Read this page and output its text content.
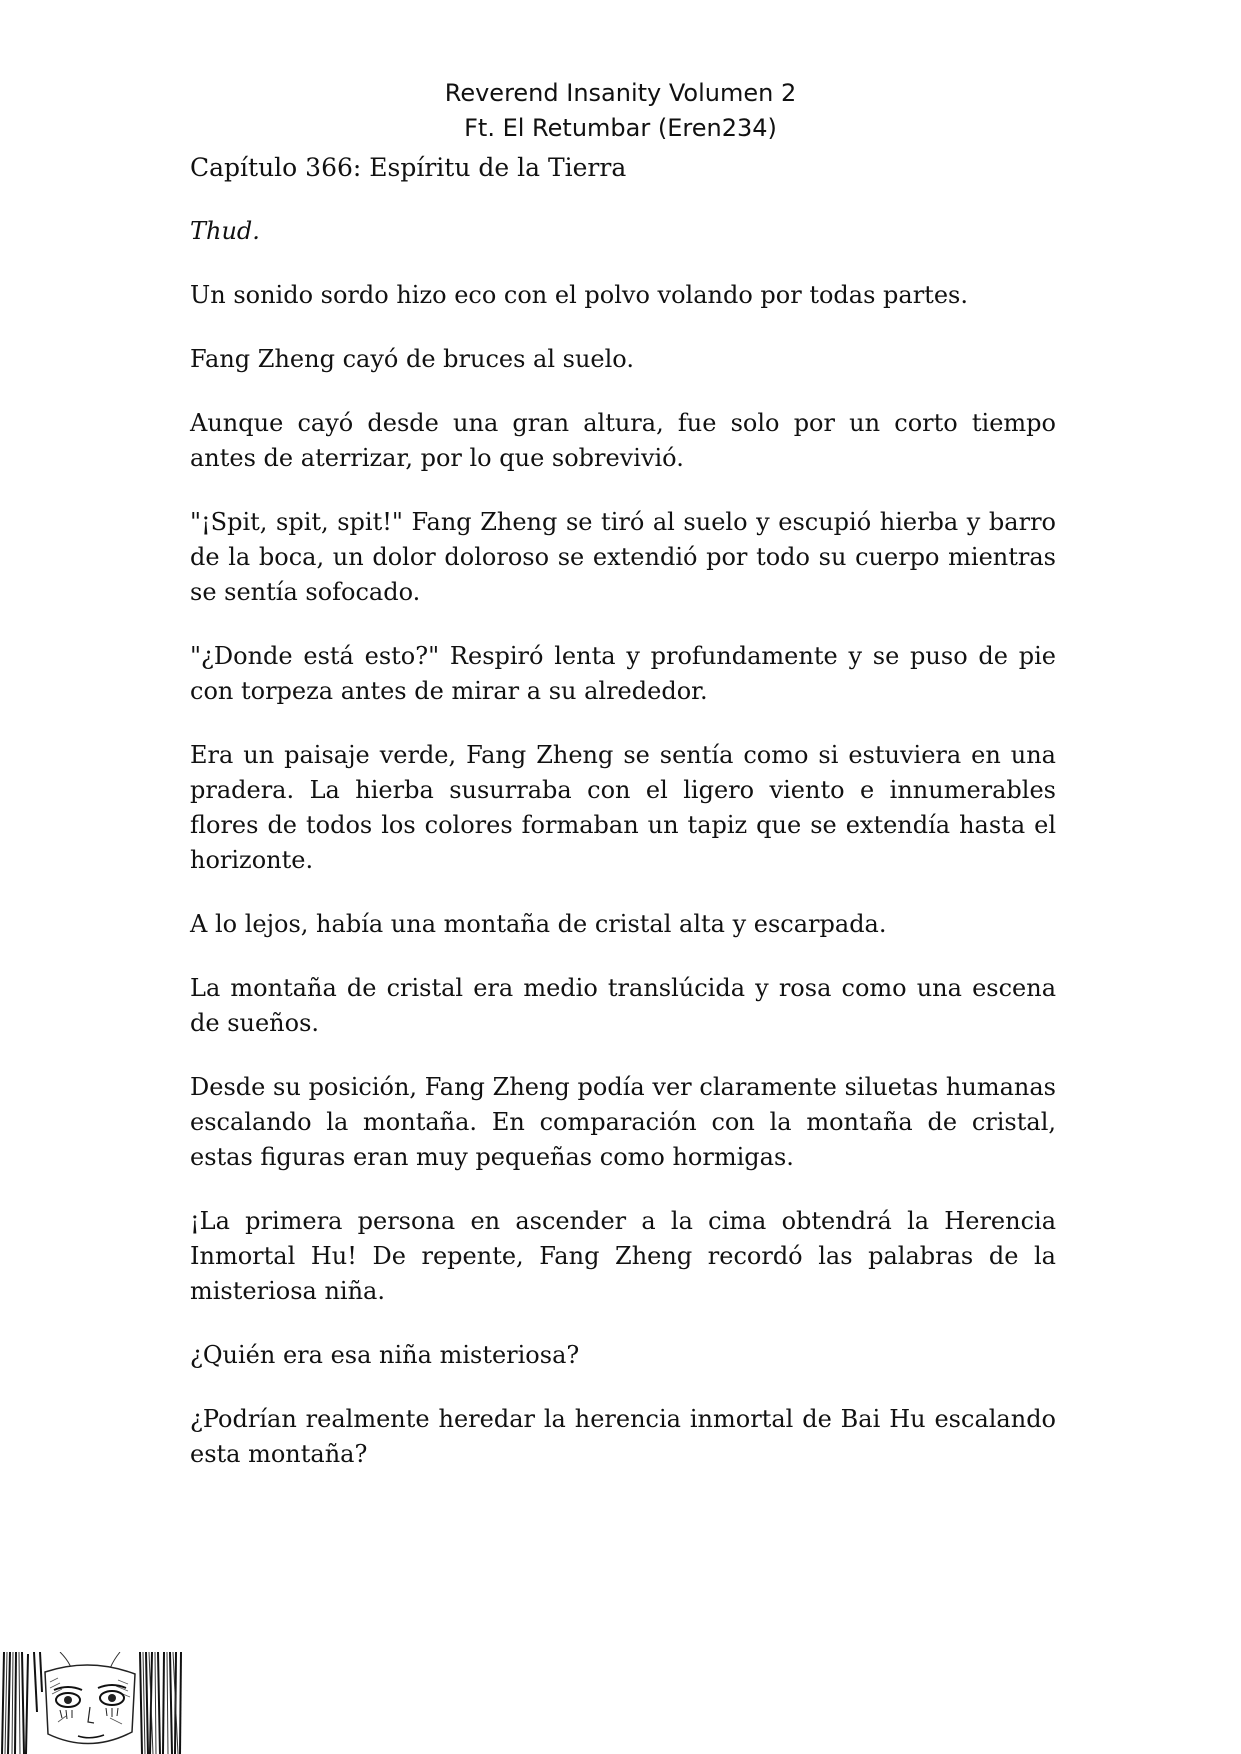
Reverend Insanity Volumen 2
Ft. El Retumbar (Eren234)
Capítulo 366: Espíritu de la Tierra

Thud.

Un sonido sordo hizo eco con el polvo volando por todas partes.

Fang Zheng cayó de bruces al suelo.

Aunque cayó desde una gran altura, fue solo por un corto tiempo antes de aterrizar, por lo que sobrevivió.

"¡Spit, spit, spit!" Fang Zheng se tiró al suelo y escupió hierba y barro de la boca, un dolor doloroso se extendió por todo su cuerpo mientras se sentía sofocado.

"¿Donde está esto?" Respiró lenta y profundamente y se puso de pie con torpeza antes de mirar a su alrededor.

Era un paisaje verde, Fang Zheng se sentía como si estuviera en una pradera. La hierba susurraba con el ligero viento e innumerables flores de todos los colores formaban un tapiz que se extendía hasta el horizonte.

A lo lejos, había una montaña de cristal alta y escarpada.

La montaña de cristal era medio translúcida y rosa como una escena de sueños.

Desde su posición, Fang Zheng podía ver claramente siluetas humanas escalando la montaña. En comparación con la montaña de cristal, estas figuras eran muy pequeñas como hormigas.

¡La primera persona en ascender a la cima obtendrá la Herencia Inmortal Hu! De repente, Fang Zheng recordó las palabras de la misteriosa niña.

¿Quién era esa niña misteriosa?

¿Podrían realmente heredar la herencia inmortal de Bai Hu escalando esta montaña?
